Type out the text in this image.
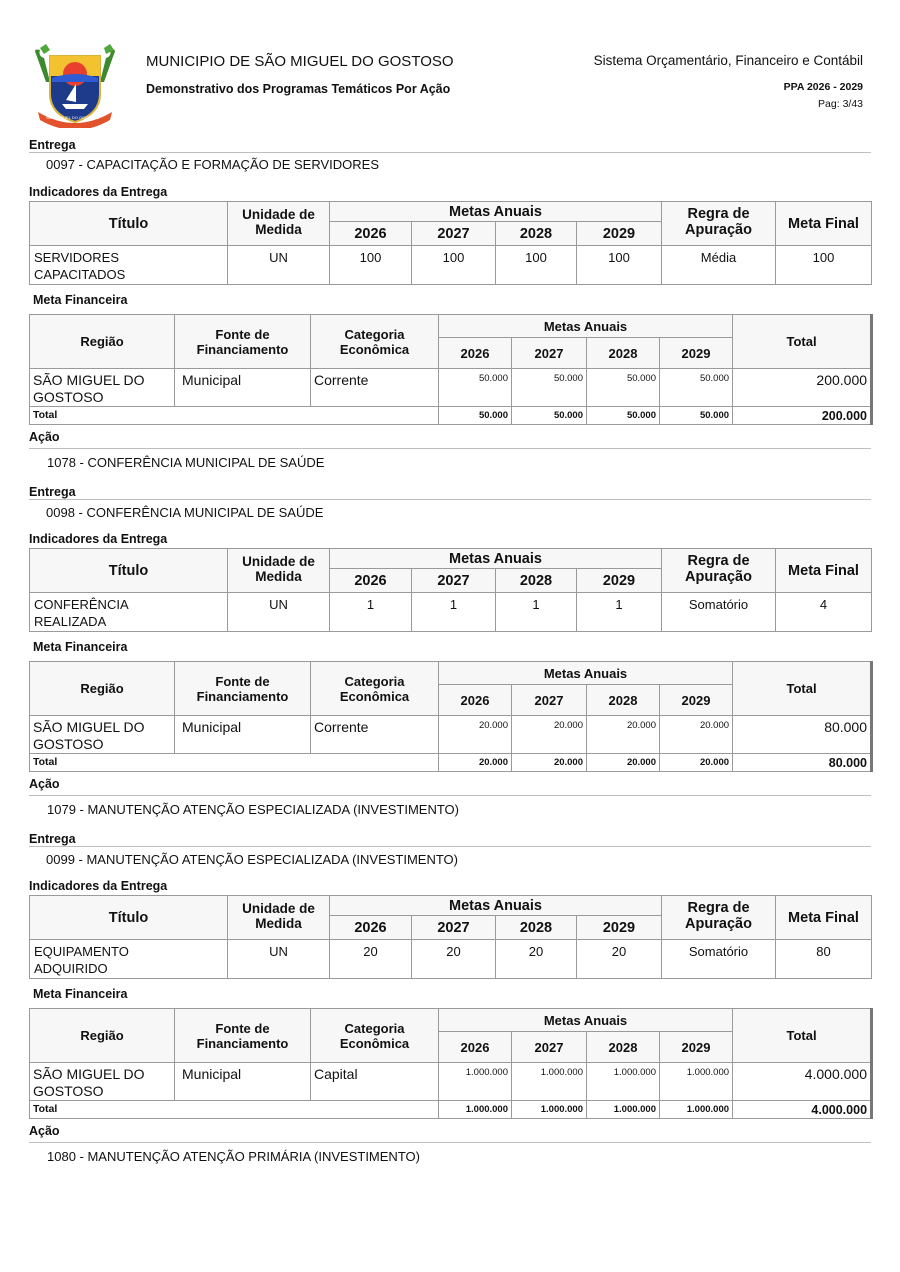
SÃO MIGUEL DO GOSTOSO
MUNICIPIO DE SÃO MIGUEL DO GOSTOSO
Demonstrativo dos Programas Temáticos Por Ação
Sistema Orçamentário, Financeiro e Contábil
PPA 2026 - 2029
Pag: 3/43
Entrega
0097 - CAPACITAÇÃO E FORMAÇÃO DE SERVIDORES
Indicadores da Entrega
Título	Unidade de	Metas Anuais				Regra de	Meta Final
	Medida	2026	2027	2028	2029	Apuração	
SERVIDORES
CAPACITADOS	UN	100	100	100	100	Média	100
Meta Financeira
Região	Fonte de
Financiamento	Categoria
Econômica	Metas Anuais				Total
			2026	2027	2028	2029	
SÃO MIGUEL DO
GOSTOSO	Municipal	Corrente	50.000	50.000	50.000	50.000	200.000
Total			50.000	50.000	50.000	50.000	200.000
Ação
1078 - CONFERÊNCIA MUNICIPAL DE SAÚDE
Entrega
0098 - CONFERÊNCIA MUNICIPAL DE SAÚDE
Indicadores da Entrega
Título	Unidade de	Metas Anuais				Regra de	Meta Final
	Medida	2026	2027	2028	2029	Apuração	
CONFERÊNCIA
REALIZADA	UN	1	1	1	1	Somatório	4
Meta Financeira
Região	Fonte de
Financiamento	Categoria
Econômica	Metas Anuais				Total
			2026	2027	2028	2029	
SÃO MIGUEL DO
GOSTOSO	Municipal	Corrente	20.000	20.000	20.000	20.000	80.000
Total			20.000	20.000	20.000	20.000	80.000
Ação
1079 - MANUTENÇÃO ATENÇÃO ESPECIALIZADA (INVESTIMENTO)
Entrega
0099 - MANUTENÇÃO ATENÇÃO ESPECIALIZADA (INVESTIMENTO)
Indicadores da Entrega
Título	Unidade de	Metas Anuais				Regra de	Meta Final
	Medida	2026	2027	2028	2029	Apuração	
EQUIPAMENTO
ADQUIRIDO	UN	20	20	20	20	Somatório	80
Meta Financeira
Região	Fonte de
Financiamento	Categoria
Econômica	Metas Anuais				Total
			2026	2027	2028	2029	
SÃO MIGUEL DO
GOSTOSO	Municipal	Capital	1.000.000	1.000.000	1.000.000	1.000.000	4.000.000
Total			1.000.000	1.000.000	1.000.000	1.000.000	4.000.000
Ação
1080 - MANUTENÇÃO ATENÇÃO PRIMÁRIA (INVESTIMENTO)
